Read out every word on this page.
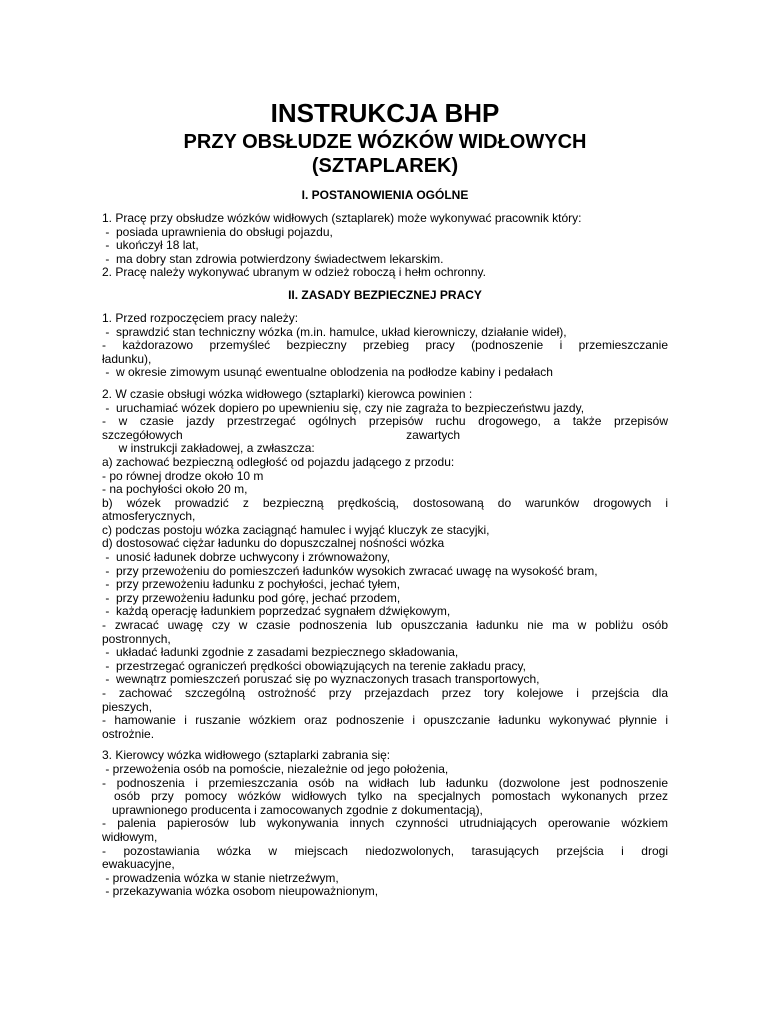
INSTRUKCJA BHP
PRZY OBSŁUDZE WÓZKÓW WIDŁOWYCH
(SZTAPLAREK)
I. POSTANOWIENIA OGÓLNE
1. Pracę przy obsłudze wózków widłowych (sztaplarek) może wykonywać pracownik który:
-  posiada uprawnienia do obsługi pojazdu,
-  ukończył 18 lat,
-  ma dobry stan zdrowia potwierdzony świadectwem lekarskim.
2. Pracę należy wykonywać ubranym w odzież roboczą i hełm ochronny.
II. ZASADY BEZPIECZNEJ PRACY
1. Przed rozpoczęciem pracy należy:
-  sprawdzić stan techniczny wózka (m.in. hamulce, układ kierowniczy, działanie wideł),
- każdorazowo przemyśleć bezpieczny przebieg pracy (podnoszenie i przemieszczanie
ładunku),
-  w okresie zimowym usunąć ewentualne oblodzenia na podłodze kabiny i pedałach
2. W czasie obsługi wózka widłowego (sztaplarki) kierowca powinien :
-  uruchamiać wózek dopiero po upewnieniu się, czy nie zagraża to bezpieczeństwu jazdy,
- w czasie jazdy przestrzegać ogólnych przepisów ruchu drogowego, a także przepisów
szczegółowych                                                                   zawartych
w instrukcji zakładowej, a zwłaszcza:
a) zachować bezpieczną odległość od pojazdu jadącego z przodu:
- po równej drodze około 10 m
- na pochyłości około 20 m,
b) wózek prowadzić z bezpieczną prędkością, dostosowaną do warunków drogowych i
atmosferycznych,
c) podczas postoju wózka zaciągnąć hamulec i wyjąć kluczyk ze stacyjki,
d) dostosować ciężar ładunku do dopuszczalnej nośności wózka
-  unosić ładunek dobrze uchwycony i zrównoważony,
-  przy przewożeniu do pomieszczeń ładunków wysokich zwracać uwagę na wysokość bram,
-  przy przewożeniu ładunku z pochyłości, jechać tyłem,
-  przy przewożeniu ładunku pod górę, jechać przodem,
-  każdą operację ładunkiem poprzedzać sygnałem dźwiękowym,
- zwracać uwagę czy w czasie podnoszenia lub opuszczania ładunku nie ma w pobliżu osób
postronnych,
-  układać ładunki zgodnie z zasadami bezpiecznego składowania,
-  przestrzegać ograniczeń prędkości obowiązujących na terenie zakładu pracy,
-  wewnątrz pomieszczeń poruszać się po wyznaczonych trasach transportowych,
- zachować szczególną ostrożność przy przejazdach przez tory kolejowe i przejścia dla
pieszych,
- hamowanie i ruszanie wózkiem oraz podnoszenie i opuszczanie ładunku wykonywać płynnie i
ostrożnie.
3. Kierowcy wózka widłowego (sztaplarki zabrania się:
- przewożenia osób na pomoście, niezależnie od jego położenia,
- podnoszenia i przemieszczania osób na widłach lub ładunku (dozwolone jest podnoszenie
osób przy pomocy wózków widłowych tylko na specjalnych pomostach wykonanych przez
uprawnionego producenta i zamocowanych zgodnie z dokumentacją),
- palenia papierosów lub wykonywania innych czynności utrudniających operowanie wózkiem
widłowym,
- pozostawiania wózka w miejscach niedozwolonych, tarasujących przejścia i drogi
ewakuacyjne,
- prowadzenia wózka w stanie nietrzeźwym,
- przekazywania wózka osobom nieupoważnionym,
